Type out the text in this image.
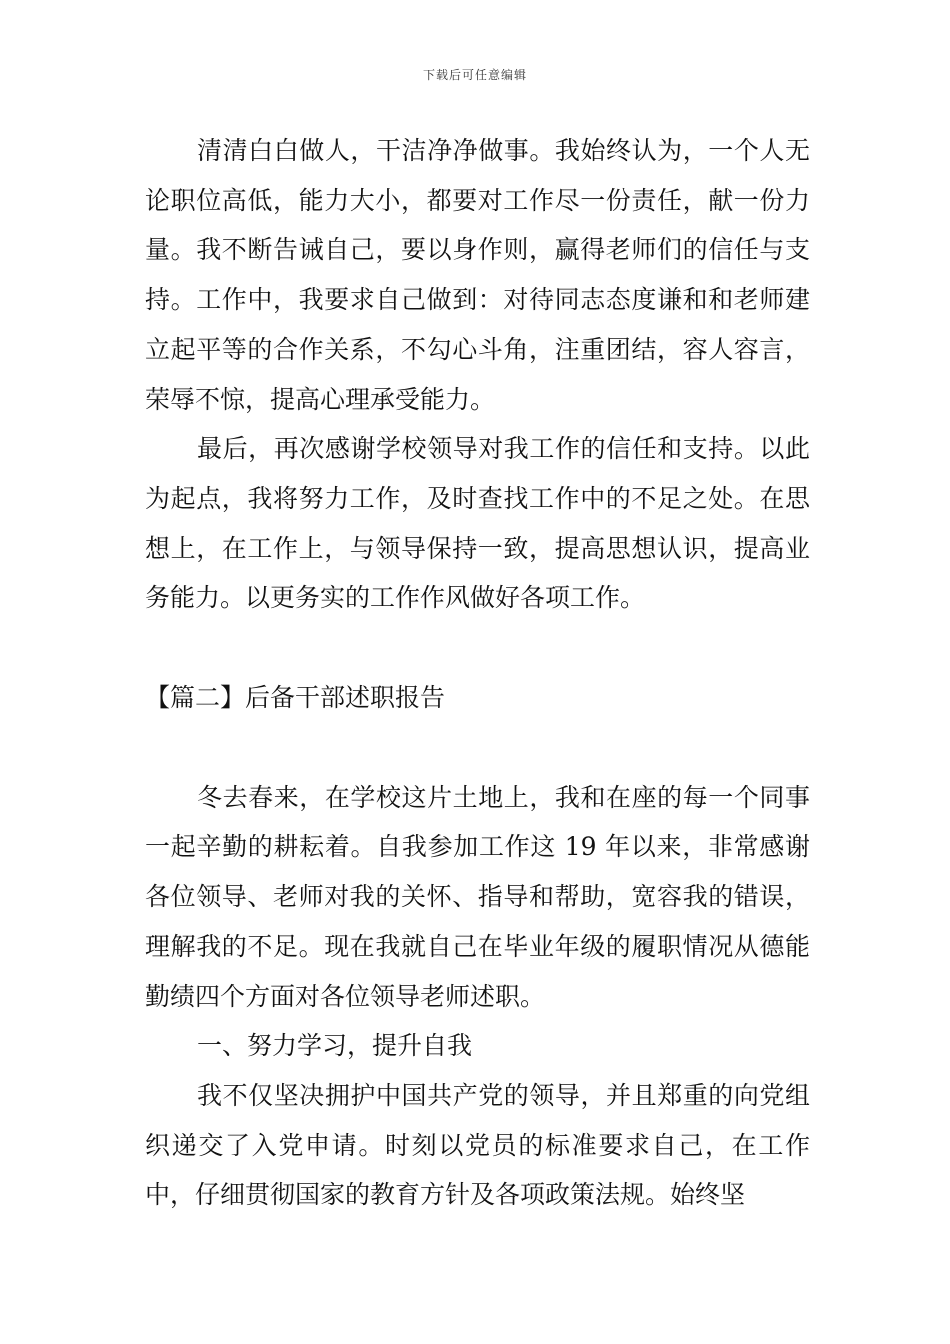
下载后可任意编辑

清清白白做人，干洁净净做事。我始终认为，一个人无论职位高低，能力大小，都要对工作尽一份责任，献一份力量。我不断告诫自己，要以身作则，赢得老师们的信任与支持。工作中，我要求自己做到：对待同志态度谦和和老师建立起平等的合作关系，不勾心斗角，注重团结，容人容言，荣辱不惊，提高心理承受能力。

最后，再次感谢学校领导对我工作的信任和支持。以此为起点，我将努力工作，及时查找工作中的不足之处。在思想上，在工作上，与领导保持一致，提高思想认识，提高业务能力。以更务实的工作作风做好各项工作。

【篇二】后备干部述职报告

冬去春来，在学校这片土地上，我和在座的每一个同事一起辛勤的耕耘着。自我参加工作这 19 年以来，非常感谢各位领导、老师对我的关怀、指导和帮助，宽容我的错误，理解我的不足。现在我就自己在毕业年级的履职情况从德能勤绩四个方面对各位领导老师述职。

一、努力学习，提升自我

我不仅坚决拥护中国共产党的领导，并且郑重的向党组织递交了入党申请。时刻以党员的标准要求自己，在工作中，仔细贯彻国家的教育方针及各项政策法规。始终坚
